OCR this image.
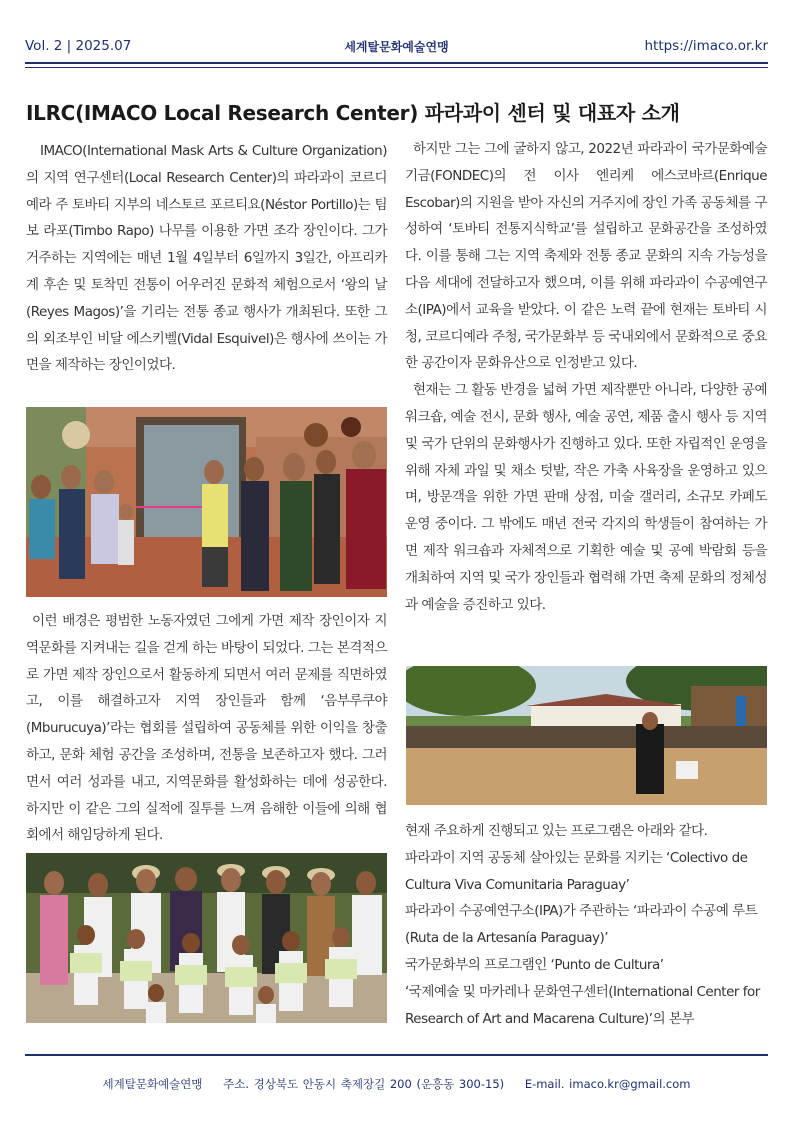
Vol. 2 | 2025.07	세계탈문화예술연맹	https://imaco.or.kr
ILRC(IMACO Local Research Center) 파라과이 센터 및 대표자 소개

IMACO(International Mask Arts & Culture Organization)의 지역 연구센터(Local Research Center)의 파라과이 코르디예라 주 토바티 지부의 네스토르 포르티요(Néstor Portillo)는 팀보 라포(Timbo Rapo) 나무를 이용한 가면 조각 장인이다. 그가 거주하는 지역에는 매년 1월 4일부터 6일까지 3일간, 아프리카계 후손 및 토착민 전통이 어우러진 문화적 체험으로서 ‘왕의 날(Reyes Magos)’을 기리는 전통 종교 행사가 개최된다. 또한 그의 외조부인 비달 에스키벨(Vidal Esquivel)은 행사에 쓰이는 가면을 제작하는 장인이었다.

이런 배경은 평범한 노동자였던 그에게 가면 제작 장인이자 지역문화를 지켜내는 길을 걷게 하는 바탕이 되었다. 그는 본격적으로 가면 제작 장인으로서 활동하게 되면서 여러 문제를 직면하였고, 이를 해결하고자 지역 장인들과 함께 ‘음부루쿠야(Mburucuya)’라는 협회를 설립하여 공동체를 위한 이익을 창출하고, 문화 체험 공간을 조성하며, 전통을 보존하고자 했다. 그러면서 여러 성과를 내고, 지역문화를 활성화하는 데에 성공한다. 하지만 이 같은 그의 실적에 질투를 느껴 음해한 이들에 의해 협회에서 해임당하게 된다.

하지만 그는 그에 굴하지 않고, 2022년 파라과이 국가문화예술기금(FONDEC)의 전 이사 엔리케 에스코바르(Enrique Escobar)의 지원을 받아 자신의 거주지에 장인 가족 공동체를 구성하여 ‘토바티 전통지식학교’를 설립하고 문화공간을 조성하였다. 이를 통해 그는 지역 축제와 전통 종교 문화의 지속 가능성을 다음 세대에 전달하고자 했으며, 이를 위해 파라과이 수공예연구소(IPA)에서 교육을 받았다. 이 같은 노력 끝에 현재는 토바티 시청, 코르디예라 주청, 국가문화부 등 국내외에서 문화적으로 중요한 공간이자 문화유산으로 인정받고 있다.

현재는 그 활동 반경을 넓혀 가면 제작뿐만 아니라, 다양한 공예 워크숍, 예술 전시, 문화 행사, 예술 공연, 제품 출시 행사 등 지역 및 국가 단위의 문화행사가 진행하고 있다. 또한 자립적인 운영을 위해 자체 과일 및 채소 텃밭, 작은 가축 사육장을 운영하고 있으며, 방문객을 위한 가면 판매 상점, 미술 갤러리, 소규모 카페도 운영 중이다. 그 밖에도 매년 전국 각지의 학생들이 참여하는 가면 제작 워크숍과 자체적으로 기획한 예술 및 공예 박람회 등을 개최하여 지역 및 국가 장인들과 협력해 가면 축제 문화의 정체성과 예술을 증진하고 있다.

현재 주요하게 진행되고 있는 프로그램은 아래와 같다.

파라과이 지역 공동체 살아있는 문화를 지키는 ‘Colectivo de Cultura Viva Comunitaria Paraguay’

파라과이 수공예연구소(IPA)가 주관하는 ‘파라과이 수공예 루트(Ruta de la Artesanía Paraguay)’

국가문화부의 프로그램인 ‘Punto de Cultura’

‘국제예술 및 마카레나 문화연구센터(International Center for Research of Art and Macarena Culture)’의 본부

세계탈문화예술연맹 주소. 경상북도 안동시 축제장길 200 (운흥동 300-15) E-mail. imaco.kr@gmail.com
